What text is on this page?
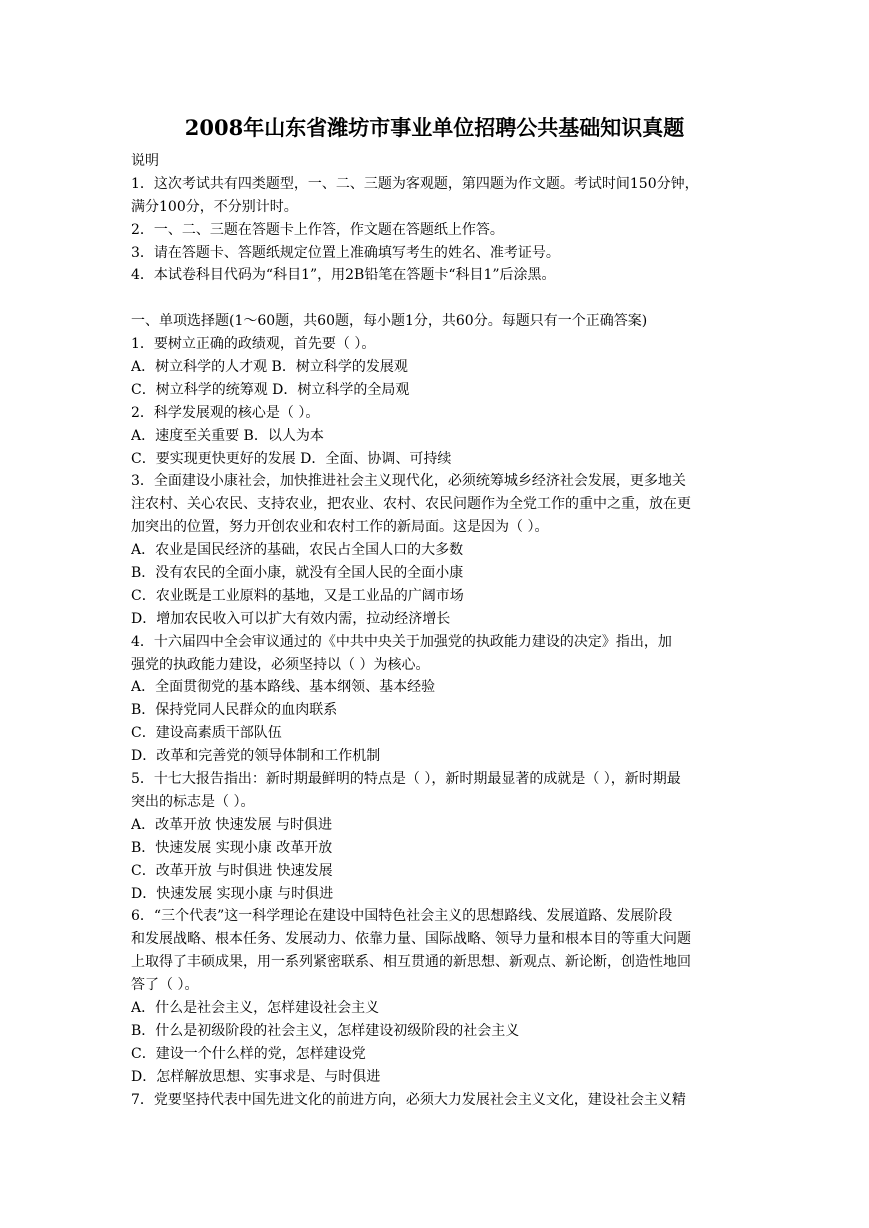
2008年山东省潍坊市事业单位招聘公共基础知识真题
说明
1．这次考试共有四类题型，一、二、三题为客观题，第四题为作文题。考试时间150分钟，
满分100分，不分别计时。
2．一、二、三题在答题卡上作答，作文题在答题纸上作答。
3．请在答题卡、答题纸规定位置上准确填写考生的姓名、准考证号。
4．本试卷科目代码为“科目1”，用2B铅笔在答题卡“科目1”后涂黑。
一、单项选择题(1～60题，共60题，每小题1分，共60分。每题只有一个正确答案)
1．要树立正确的政绩观，首先要（ ）。
A．树立科学的人才观 B．树立科学的发展观
C．树立科学的统筹观 D．树立科学的全局观
2．科学发展观的核心是（ ）。
A．速度至关重要 B．以人为本
C．要实现更快更好的发展 D．全面、协调、可持续
3．全面建设小康社会，加快推进社会主义现代化，必须统筹城乡经济社会发展，更多地关
注农村、关心农民、支持农业，把农业、农村、农民问题作为全党工作的重中之重，放在更
加突出的位置，努力开创农业和农村工作的新局面。这是因为（ ）。
A．农业是国民经济的基础，农民占全国人口的大多数
B．没有农民的全面小康，就没有全国人民的全面小康
C．农业既是工业原料的基地，又是工业品的广阔市场
D．增加农民收入可以扩大有效内需，拉动经济增长
4．十六届四中全会审议通过的《中共中央关于加强党的执政能力建设的决定》指出，加
强党的执政能力建设，必须坚持以（ ）为核心。
A．全面贯彻党的基本路线、基本纲领、基本经验
B．保持党同人民群众的血肉联系
C．建设高素质干部队伍
D．改革和完善党的领导体制和工作机制
5．十七大报告指出：新时期最鲜明的特点是（ ），新时期最显著的成就是（ ），新时期最
突出的标志是（ ）。
A．改革开放 快速发展 与时俱进
B．快速发展 实现小康 改革开放
C．改革开放 与时俱进 快速发展
D．快速发展 实现小康 与时俱进
6．“三个代表”这一科学理论在建设中国特色社会主义的思想路线、发展道路、发展阶段
和发展战略、根本任务、发展动力、依靠力量、国际战略、领导力量和根本目的等重大问题
上取得了丰硕成果，用一系列紧密联系、相互贯通的新思想、新观点、新论断，创造性地回
答了（ ）。
A．什么是社会主义，怎样建设社会主义
B．什么是初级阶段的社会主义，怎样建设初级阶段的社会主义
C．建设一个什么样的党，怎样建设党
D．怎样解放思想、实事求是、与时俱进
7．党要坚持代表中国先进文化的前进方向，必须大力发展社会主义文化，建设社会主义精
